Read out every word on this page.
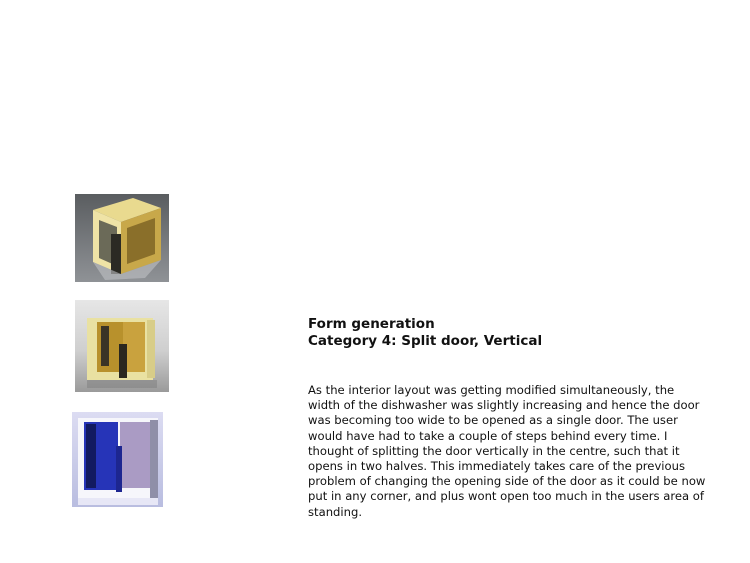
Form generation
Category 4: Split door, Vertical
As the interior layout was getting modified simultaneously, the width of the dishwasher was slightly increasing and hence the door was becoming too wide to be opened as a single door. The user would have had to take a couple of steps behind every time. I thought of splitting the door vertically in the centre, such that it opens in two halves. This immediately takes care of the previous problem of changing the opening side of the door as it could be now put in any corner, and plus wont open too much in the users area of standing.
